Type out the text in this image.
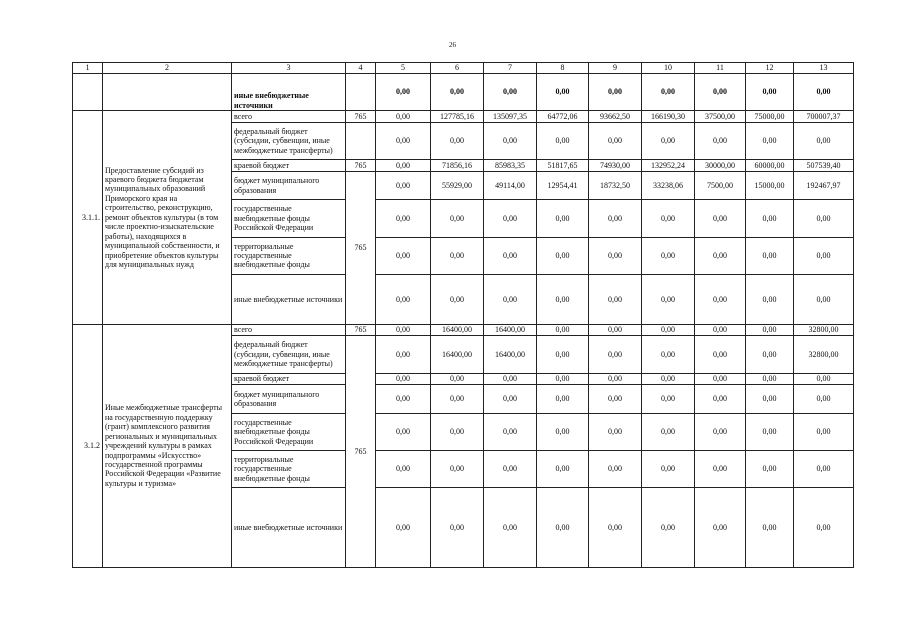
26
1	2	3	4	5	6	7	8	9	10	11	12	13
		иные внебюджетные источники		0,00	0,00	0,00	0,00	0,00	0,00	0,00	0,00	0,00
3.1.1.	Предоставление субсидий из краевого бюджета бюджетам муниципальных образований Приморского края на строительство, реконструкцию, ремонт объектов культуры (в том числе проектно-изыскательские работы), находящихся в муниципальной собственности, и приобретение объектов культуры для муниципальных нужд	всего	765	0,00	127785,16	135097,35	64772,06	93662,50	166190,30	37500,00	75000,00	700007,37
		федеральный бюджет (субсидии, субвенции, иные межбюджетные трансферты)		0,00	0,00	0,00	0,00	0,00	0,00	0,00	0,00	0,00
		краевой бюджет	765	0,00	71856,16	85983,35	51817,65	74930,00	132952,24	30000,00	60000,00	507539,40
		бюджет муниципального образования	765	0,00	55929,00	49114,00	12954,41	18732,50	33238,06	7500,00	15000,00	192467,97
		государственные внебюджетные фонды Российской Федерации		0,00	0,00	0,00	0,00	0,00	0,00	0,00	0,00	0,00
		территориальные государственные внебюджетные фонды		0,00	0,00	0,00	0,00	0,00	0,00	0,00	0,00	0,00
		иные внебюджетные источники		0,00	0,00	0,00	0,00	0,00	0,00	0,00	0,00	0,00
3.1.2	Иные межбюджетные трансферты на государственную поддержку (грант) комплексного развития региональных и муниципальных учреждений культуры в рамках подпрограммы «Искусство» государственной программы Российской Федерации «Развитие культуры и туризма»	всего	765	0,00	16400,00	16400,00	0,00	0,00	0,00	0,00	0,00	32800,00
		федеральный бюджет (субсидии, субвенции, иные межбюджетные трансферты)	765	0,00	16400,00	16400,00	0,00	0,00	0,00	0,00	0,00	32800,00
		краевой бюджет		0,00	0,00	0,00	0,00	0,00	0,00	0,00	0,00	0,00
		бюджет муниципального образования		0,00	0,00	0,00	0,00	0,00	0,00	0,00	0,00	0,00
		государственные внебюджетные фонды Российской Федерации		0,00	0,00	0,00	0,00	0,00	0,00	0,00	0,00	0,00
		территориальные государственные внебюджетные фонды		0,00	0,00	0,00	0,00	0,00	0,00	0,00	0,00	0,00
		иные внебюджетные источники		0,00	0,00	0,00	0,00	0,00	0,00	0,00	0,00	0,00
